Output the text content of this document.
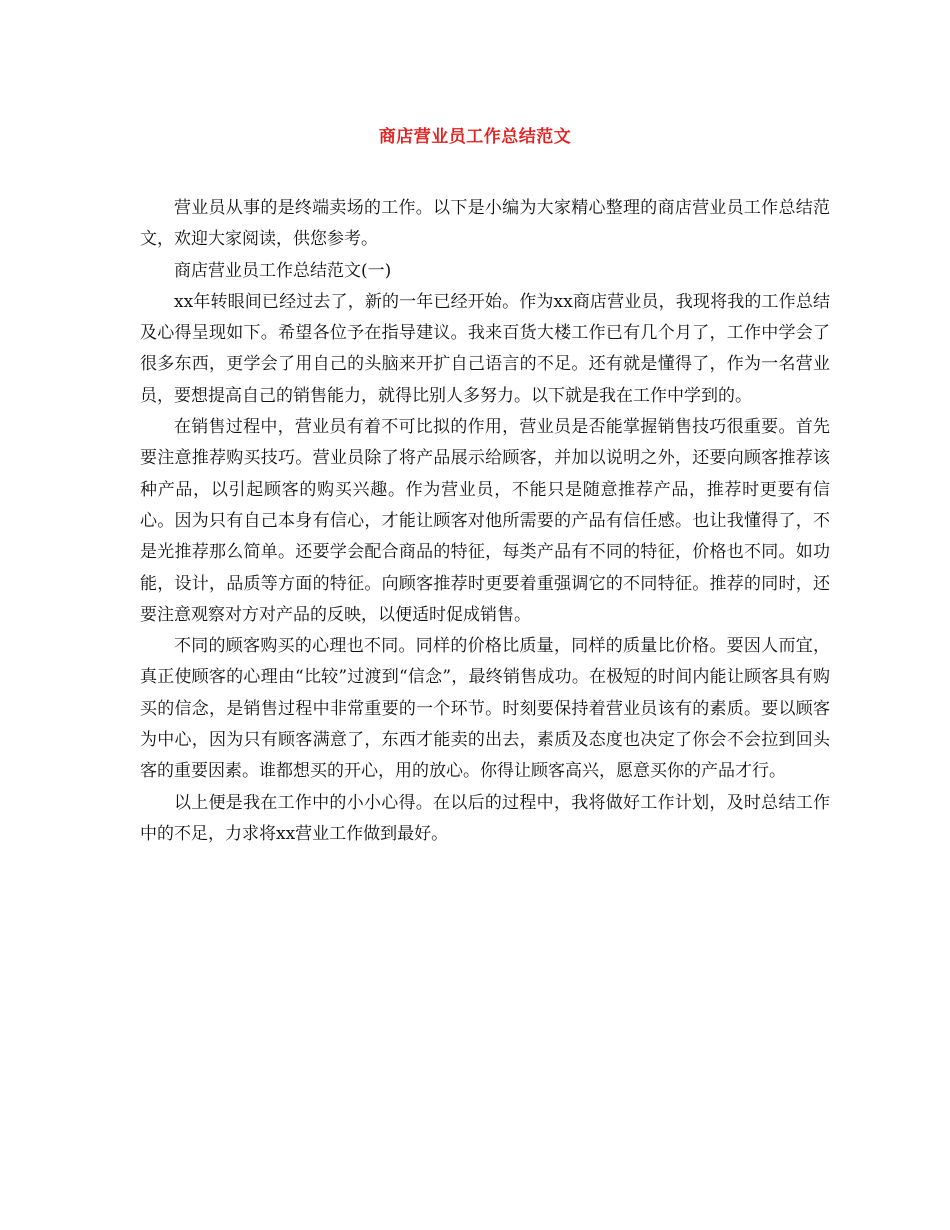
商店营业员工作总结范文

营业员从事的是终端卖场的工作。以下是小编为大家精心整理的商店营业员工作总结范文，欢迎大家阅读，供您参考。

商店营业员工作总结范文(一)

xx年转眼间已经过去了，新的一年已经开始。作为xx商店营业员，我现将我的工作总结及心得呈现如下。希望各位予在指导建议。我来百货大楼工作已有几个月了，工作中学会了很多东西，更学会了用自己的头脑来开扩自己语言的不足。还有就是懂得了，作为一名营业员，要想提高自己的销售能力，就得比别人多努力。以下就是我在工作中学到的。

在销售过程中，营业员有着不可比拟的作用，营业员是否能掌握销售技巧很重要。首先要注意推荐购买技巧。营业员除了将产品展示给顾客，并加以说明之外，还要向顾客推荐该种产品，以引起顾客的购买兴趣。作为营业员，不能只是随意推荐产品，推荐时更要有信心。因为只有自己本身有信心，才能让顾客对他所需要的产品有信任感。也让我懂得了，不是光推荐那么简单。还要学会配合商品的特征，每类产品有不同的特征，价格也不同。如功能，设计，品质等方面的特征。向顾客推荐时更要着重强调它的不同特征。推荐的同时，还要注意观察对方对产品的反映，以便适时促成销售。

不同的顾客购买的心理也不同。同样的价格比质量，同样的质量比价格。要因人而宜，真正使顾客的心理由“比较”过渡到“信念”，最终销售成功。在极短的时间内能让顾客具有购买的信念，是销售过程中非常重要的一个环节。时刻要保持着营业员该有的素质。要以顾客为中心，因为只有顾客满意了，东西才能卖的出去，素质及态度也决定了你会不会拉到回头客的重要因素。谁都想买的开心，用的放心。你得让顾客高兴，愿意买你的产品才行。

以上便是我在工作中的小小心得。在以后的过程中，我将做好工作计划，及时总结工作中的不足，力求将xx营业工作做到最好。
